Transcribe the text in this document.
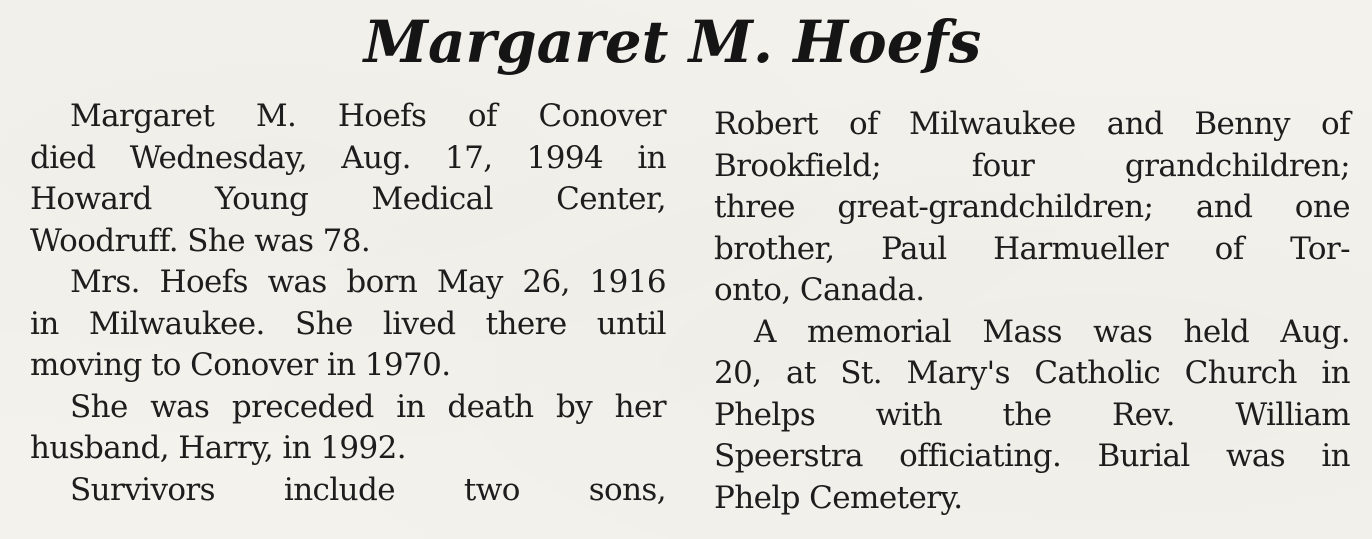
Margaret M. Hoefs
Margaret M. Hoefs of Conover
died Wednesday, Aug. 17, 1994 in
Howard Young Medical Center,
Woodruff. She was 78.
Mrs. Hoefs was born May 26, 1916
in Milwaukee. She lived there until
moving to Conover in 1970.
She was preceded in death by her
husband, Harry, in 1992.
Survivors include two sons,
Robert of Milwaukee and Benny of
Brookfield; four grandchildren;
three great-grandchildren; and one
brother, Paul Harmueller of Tor-
onto, Canada.
A memorial Mass was held Aug.
20, at St. Mary's Catholic Church in
Phelps with the Rev. William
Speerstra officiating. Burial was in
Phelp Cemetery.
